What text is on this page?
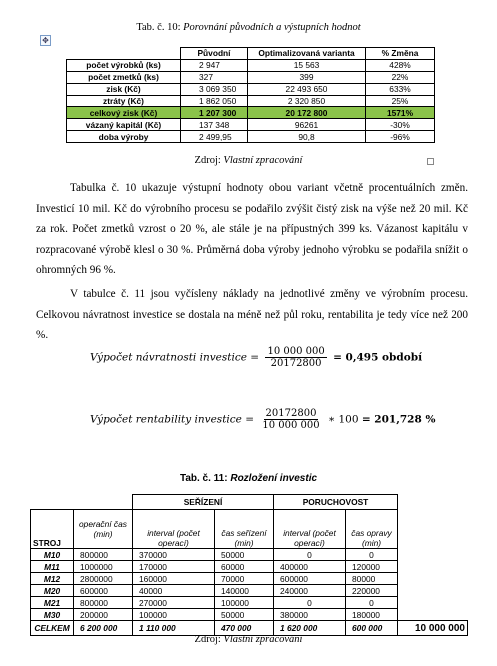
Tab. č. 10: Porovnání původních a výstupních hodnot
✥
	Původní	Optimalizovaná varianta	% Změna
počet výrobků (ks)	2 947	15 563	428%
počet zmetků (ks)	327	399	22%
zisk (Kč)	3 069 350	22 493 650	633%
ztráty (Kč)	1 862 050	2 320 850	25%
celkový zisk (Kč)	1 207 300	20 172 800	1571%
vázaný kapitál (Kč)	137 348	96261	-30%
doba výroby	2 499,95	90,8	-96%
Zdroj: Vlastní zpracování

Tabulka č. 10 ukazuje výstupní hodnoty obou variant včetně procentuálních změn. Investicí 10 mil. Kč do výrobního procesu se podařilo zvýšit čistý zisk na výše než 20 mil. Kč za rok. Počet zmetků vzrost o 20 %, ale stále je na přípustných 399 ks. Vázanost kapitálu v rozpracované výrobě klesl o 30 %. Průměrná doba výroby jednoho výrobku se podařila snížit o ohromných 96 %.

V tabulce č. 11 jsou vyčísleny náklady na jednotlivé změny ve výrobním procesu. Celkovou návratnost investice se dostala na méně než půl roku, rentabilita je tedy více než 200 %.

Výpočet návratnosti investice = $\frac{10 000 000}{20172800} = 0,495$ období
Výpočet rentability investice = $\frac{20172800}{10 000 000}$ ∗ 100 = 201,728 %
Tab. č. 11: Rozložení investic
		SEŘÍZENÍ		PORUCHOVOST		
STROJ	operační čas (min)	interval (počet operací)	čas seřízení (min)	interval (počet operací)	čas opravy (min)	
M10	800000	370000	50000	0	0	
M11	1000000	170000	60000	400000	120000	
M12	2800000	160000	70000	600000	80000	
M20	600000	40000	140000	240000	220000	
M21	800000	270000	100000	0	0	
M30	200000	100000	50000	380000	180000	
CELKEM	6 200 000	1 110 000	470 000	1 620 000	600 000	10 000 000
Zdroj: Vlastní zpracování
